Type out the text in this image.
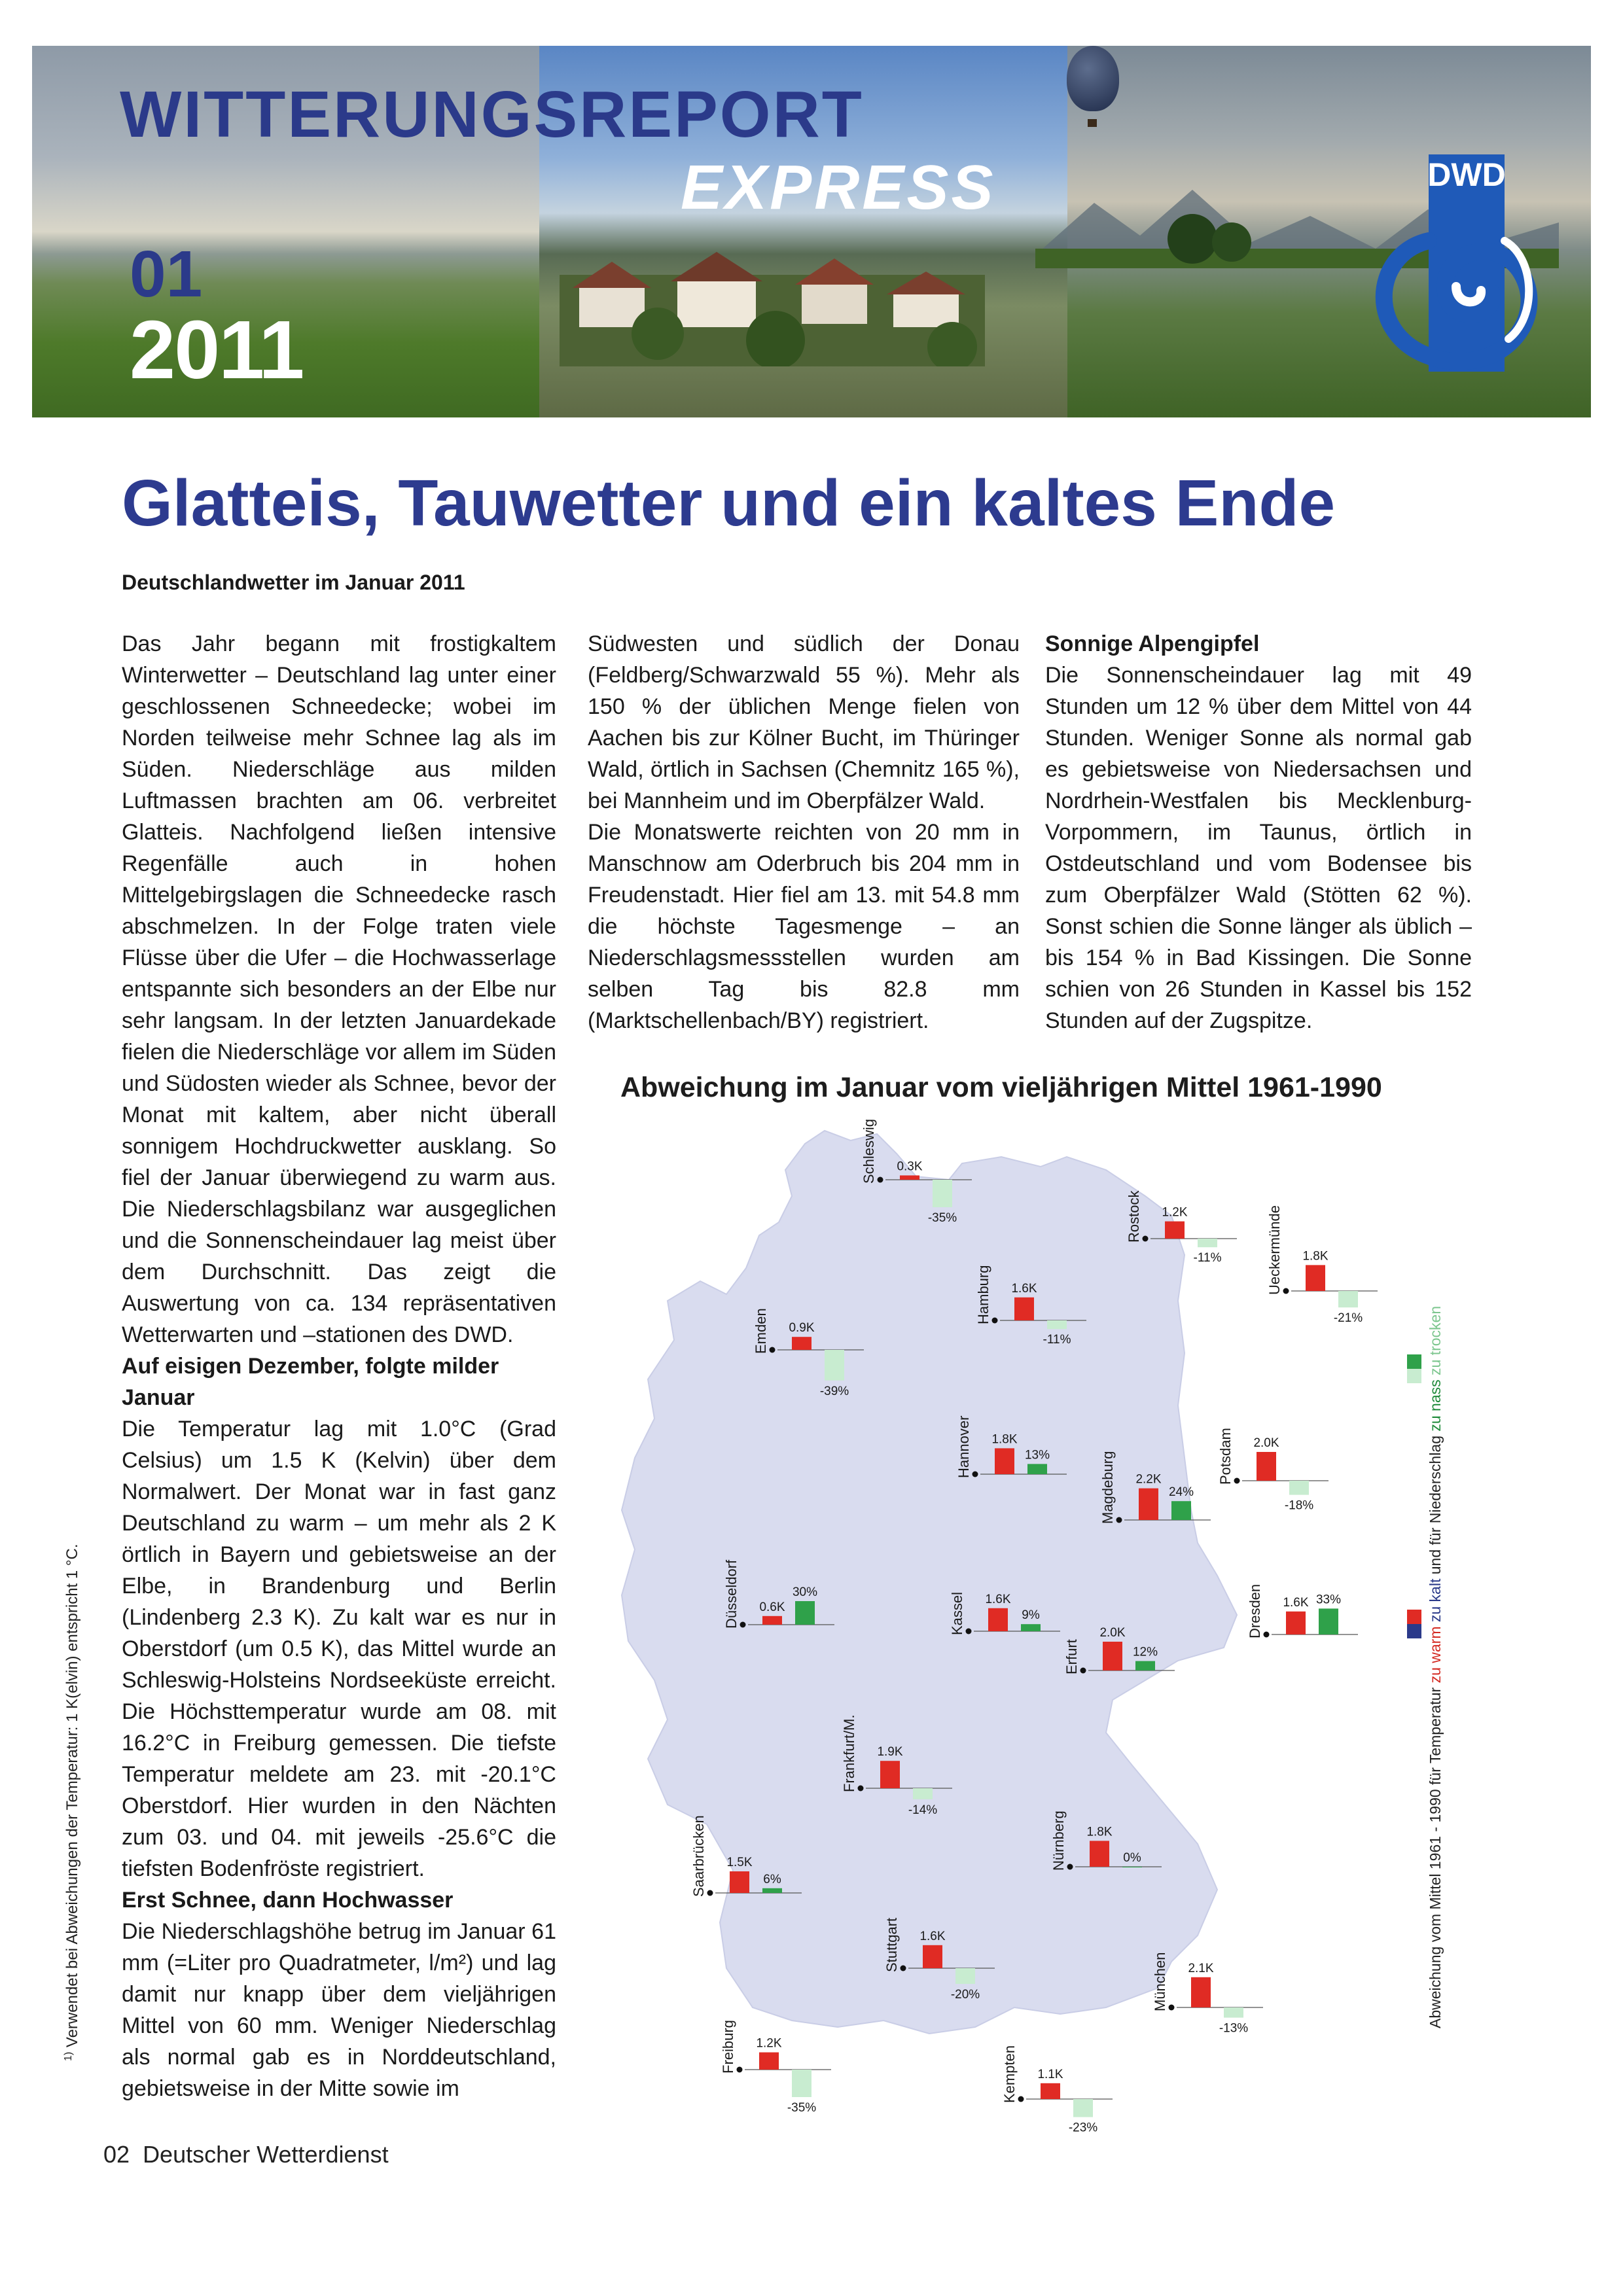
WITTERUNGSREPORT
EXPRESS
01
2011
DWD
Glatteis, Tauwetter und ein kaltes Ende
Deutschlandwetter im Januar 2011

Das Jahr begann mit frostigkaltem Winterwetter – Deutschland lag unter einer geschlossenen Schneedecke; wobei im Norden teilweise mehr Schnee lag als im Süden. Niederschläge aus milden Luftmassen brachten am 06. verbreitet Glatteis. Nachfolgend ließen intensive Regenfälle auch in hohen Mittelgebirgslagen die Schneedecke rasch abschmelzen. In der Folge traten viele Flüsse über die Ufer – die Hochwasserlage entspannte sich besonders an der Elbe nur sehr langsam. In der letzten Januardekade fielen die Niederschläge vor allem im Süden und Südosten wieder als Schnee, bevor der Monat mit kaltem, aber nicht überall sonnigem Hochdruckwetter ausklang. So fiel der Januar überwiegend zu warm aus. Die Niederschlagsbilanz war ausgeglichen und die Sonnenscheindauer lag meist über dem Durchschnitt. Das zeigt die Auswertung von ca. 134 repräsentativen Wetterwarten und –stationen des DWD.

Auf eisigen Dezember, folgte milder Januar

Die Temperatur lag mit 1.0°C (Grad Celsius) um 1.5 K (Kelvin) über dem Normalwert. Der Monat war in fast ganz Deutschland zu warm – um mehr als 2 K örtlich in Bayern und gebietsweise an der Elbe, in Brandenburg und Berlin (Lindenberg 2.3 K). Zu kalt war es nur in Oberstdorf (um 0.5 K), das Mittel wurde an Schleswig-Holsteins Nordseeküste erreicht. Die Höchsttemperatur wurde am 08. mit 16.2°C in Freiburg gemessen. Die tiefste Temperatur meldete am 23. mit -20.1°C Oberstdorf. Hier wurden in den Nächten zum 03. und 04. mit jeweils -25.6°C die tiefsten Bodenfröste registriert.

Erst Schnee, dann Hochwasser

Die Niederschlagshöhe betrug im Januar 61 mm (=Liter pro Quadratmeter, l/m²) und lag damit nur knapp über dem vieljährigen Mittel von 60 mm. Weniger Niederschlag als normal gab es in Norddeutschland, gebietsweise in der Mitte sowie im

Südwesten und südlich der Donau (Feldberg/Schwarzwald 55 %). Mehr als 150 % der üblichen Menge fielen von Aachen bis zur Kölner Bucht, im Thüringer Wald, örtlich in Sachsen (Chemnitz 165 %), bei Mannheim und im Oberpfälzer Wald.

Die Monatswerte reichten von 20 mm in Manschnow am Oderbruch bis 204 mm in Freudenstadt. Hier fiel am 13. mit 54.8 mm die höchste Tagesmenge – an Niederschlagsmessstellen wurden am selben Tag bis 82.8 mm (Marktschellenbach/BY) registriert.

Sonnige Alpengipfel

Die Sonnenscheindauer lag mit 49 Stunden um 12 % über dem Mittel von 44 Stunden. Weniger Sonne als normal gab es gebietsweise von Niedersachsen und Nordrhein-Westfalen bis Mecklenburg-Vorpommern, im Taunus, örtlich in Ostdeutschland und vom Bodensee bis zum Oberpfälzer Wald (Stötten 62 %). Sonst schien die Sonne länger als üblich – bis 154 % in Bad Kissingen. Die Sonne schien von 26 Stunden in Kassel bis 152 Stunden auf der Zugspitze.

$^{1)}$ Verwendet bei Abweichungen der Temperatur: 1 K(elvin) entspricht 1 °C.
02 Deutscher Wetterdienst
Abweichung im Januar vom vieljährigen Mittel 1961-1990
0.3K
-35%
Schleswig
1.2K
-11%
Rostock
1.8K
-21%
Ueckermünde
1.6K
-11%
Hamburg
0.9K
-39%
Emden
1.8K
13%
Hannover	2.0K
-18%
Potsdam
2.2K
24%
Magdeburg
0.6K
30%
Düsseldorf	1.6K
9%
Kassel	2.0K
12%
Erfurt
1.6K 33%
Dresden
1.9K
-14%
Frankfurt/M.
1.5K
6%
Saarbrücken	1.8K
0%
Nürnberg
1.6K
-20%
Stuttgart	2.1K
-13%
München
1.2K
-35%
Freiburg
1.1K
-23%
Kempten
Abweichung vom Mittel 1961 - 1990 für Temperatur zu warm zu kalt und für Niederschlag zu nass zu trocken
